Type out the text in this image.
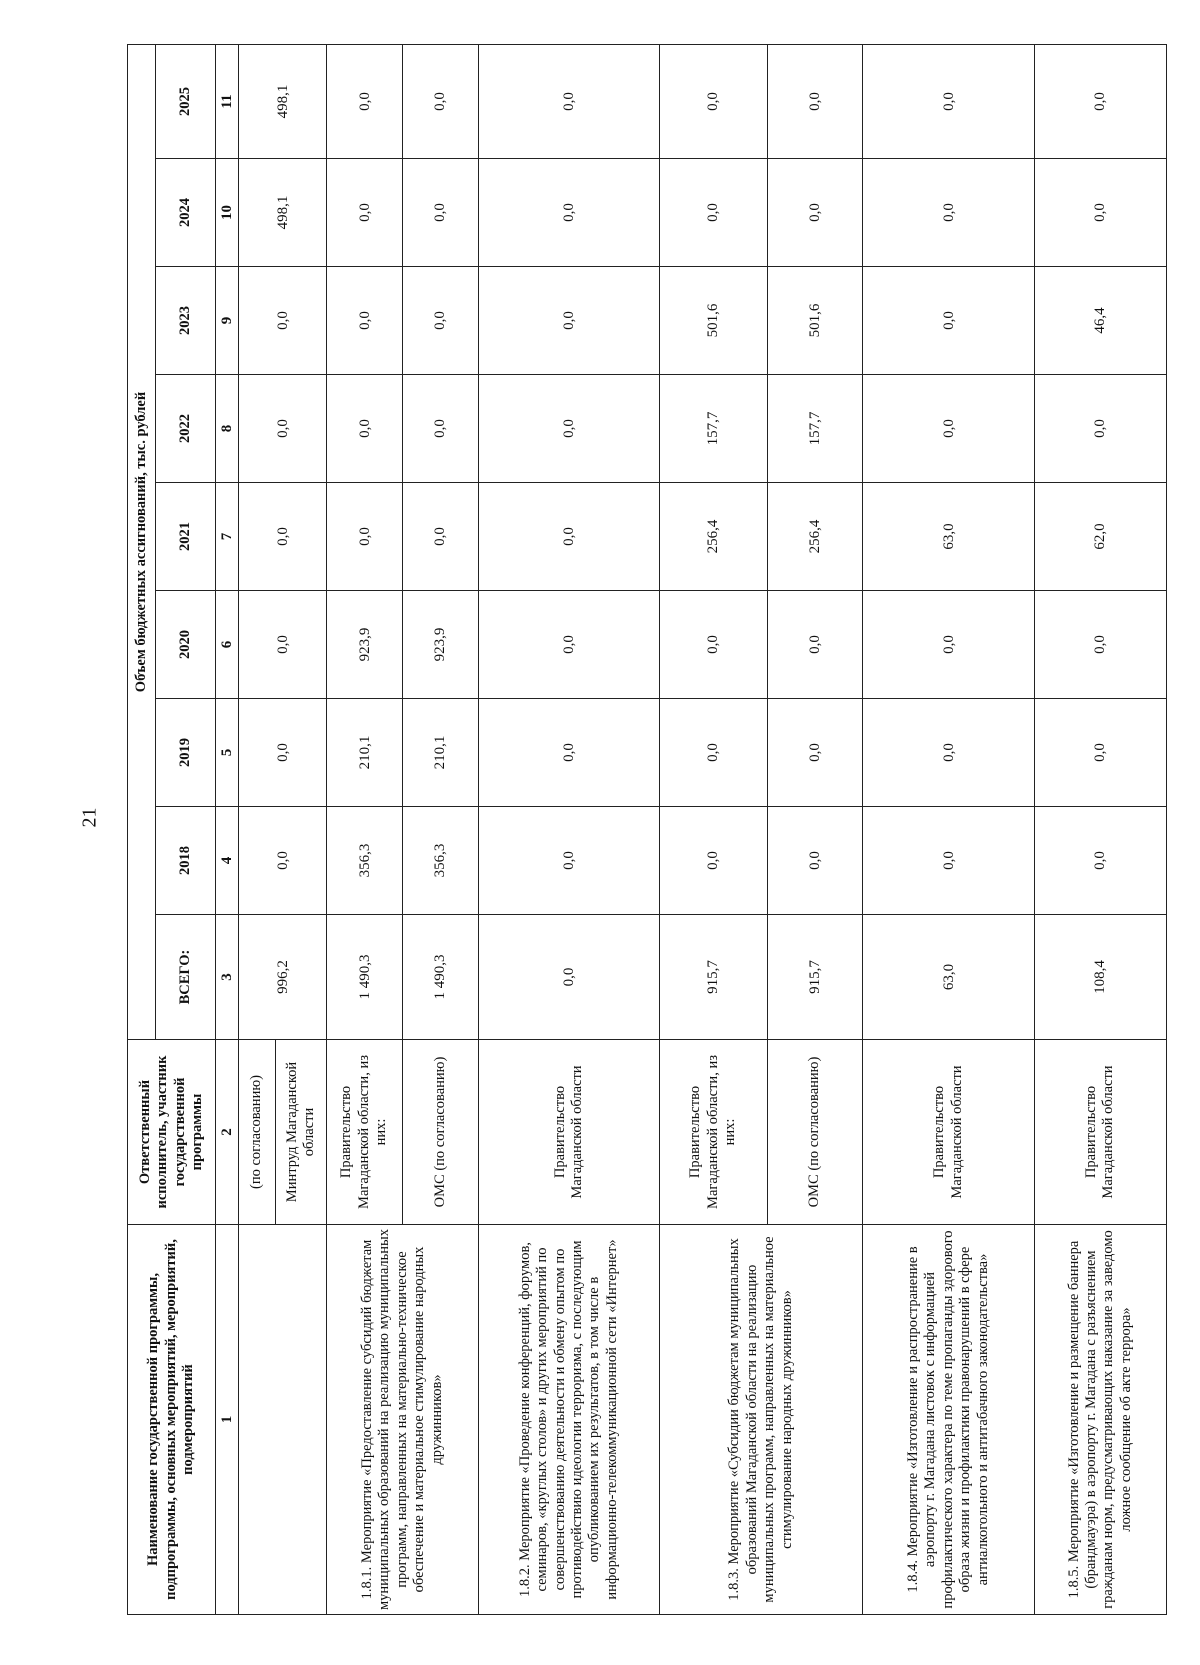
21
Наименование государственной программы, подпрограммы, основных мероприятий, мероприятий, подмероприятий	Ответственный исполнитель, участник государственной программы	Объем бюджетных ассигнований, тыс. рублей								
		ВСЕГО:	2018	2019	2020	2021	2022	2023	2024	2025
1	2	3	4	5	6	7	8	9	10	11
	(по согласованию)	996,2	0,0	0,0	0,0	0,0	0,0	0,0	498,1	498,1
	Минтруд Магаданской области									
1.8.1. Мероприятие «Предоставление субсидий бюджетам муниципальных образований на реализацию муниципальных программ, направленных на материально-техническое обеспечение и материальное стимулирование народных дружинников»	Правительство Магаданской области, из них:	1 490,3	356,3	210,1	923,9	0,0	0,0	0,0	0,0	0,0
	ОМС (по согласованию)	1 490,3	356,3	210,1	923,9	0,0	0,0	0,0	0,0	0,0
1.8.2. Мероприятие «Проведение конференций, форумов, семинаров, «круглых столов» и других мероприятий по совершенствованию деятельности и обмену опытом по противодействию идеологии терроризма, с последующим опубликованием их результатов, в том числе в информационно-телекоммуникационной сети «Интернет»	Правительство Магаданской области	0,0	0,0	0,0	0,0	0,0	0,0	0,0	0,0	0,0
1.8.3. Мероприятие «Субсидии бюджетам муниципальных образований Магаданской области на реализацию муниципальных программ, направленных на материальное стимулирование народных дружинников»	Правительство Магаданской области, из них:	915,7	0,0	0,0	0,0	256,4	157,7	501,6	0,0	0,0
	ОМС (по согласованию)	915,7	0,0	0,0	0,0	256,4	157,7	501,6	0,0	0,0
1.8.4. Мероприятие «Изготовление и распространение в аэропорту г. Магадана листовок с информацией профилактического характера по теме пропаганды здорового образа жизни и профилактики правонарушений в сфере антиалкогольного и антитабачного законодательства»	Правительство Магаданской области	63,0	0,0	0,0	0,0	63,0	0,0	0,0	0,0	0,0
1.8.5. Мероприятие «Изготовление и размещение баннера (брандмауэра) в аэропорту г. Магадана с разъяснением гражданам норм, предусматривающих наказание за заведомо ложное сообщение об акте террора»	Правительство Магаданской области	108,4	0,0	0,0	0,0	62,0	0,0	46,4	0,0	0,0
